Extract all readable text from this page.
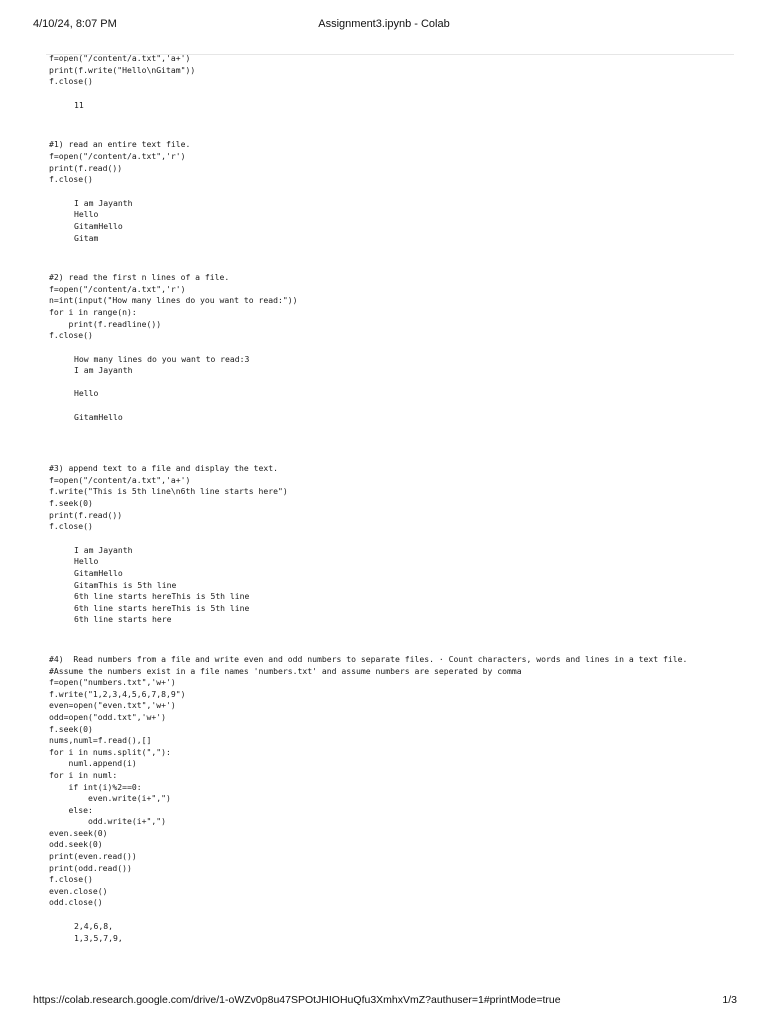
4/10/24, 8:07 PM	Assignment3.ipynb - Colab
f=open("/content/a.txt",'a+')
print(f.write("Hello\nGitam"))
f.close()
11
#1) read an entire text file.
f=open("/content/a.txt",'r')
print(f.read())
f.close()
I am Jayanth
Hello
GitamHello
Gitam
#2) read the first n lines of a file.
f=open("/content/a.txt",'r')
n=int(input("How many lines do you want to read:"))
for i in range(n):
print(f.readline())
f.close()
How many lines do you want to read:3
I am Jayanth

Hello

GitamHello
#3) append text to a file and display the text.
f=open("/content/a.txt",'a+')
f.write("This is 5th line\n6th line starts here")
f.seek(0)
print(f.read())
f.close()
I am Jayanth
Hello
GitamHello
GitamThis is 5th line
6th line starts hereThis is 5th line
6th line starts hereThis is 5th line
6th line starts here
#4)  Read numbers from a file and write even and odd numbers to separate files. · Count characters, words and lines in a text file.
#Assume the numbers exist in a file names 'numbers.txt' and assume numbers are seperated by comma
f=open("numbers.txt",'w+')
f.write("1,2,3,4,5,6,7,8,9")
even=open("even.txt",'w+')
odd=open("odd.txt",'w+')
f.seek(0)
nums,numl=f.read(),[]
for i in nums.split(","):
numl.append(i)
for i in numl:
if int(i)%2==0:
even.write(i+",")
else:
odd.write(i+",")
even.seek(0)
odd.seek(0)
print(even.read())
print(odd.read())
f.close()
even.close()
odd.close()
2,4,6,8,
1,3,5,7,9,
https://colab.research.google.com/drive/1-oWZv0p8u47SPOtJHIOHuQfu3XmhxVmZ?authuser=1#printMode=true	1/3
